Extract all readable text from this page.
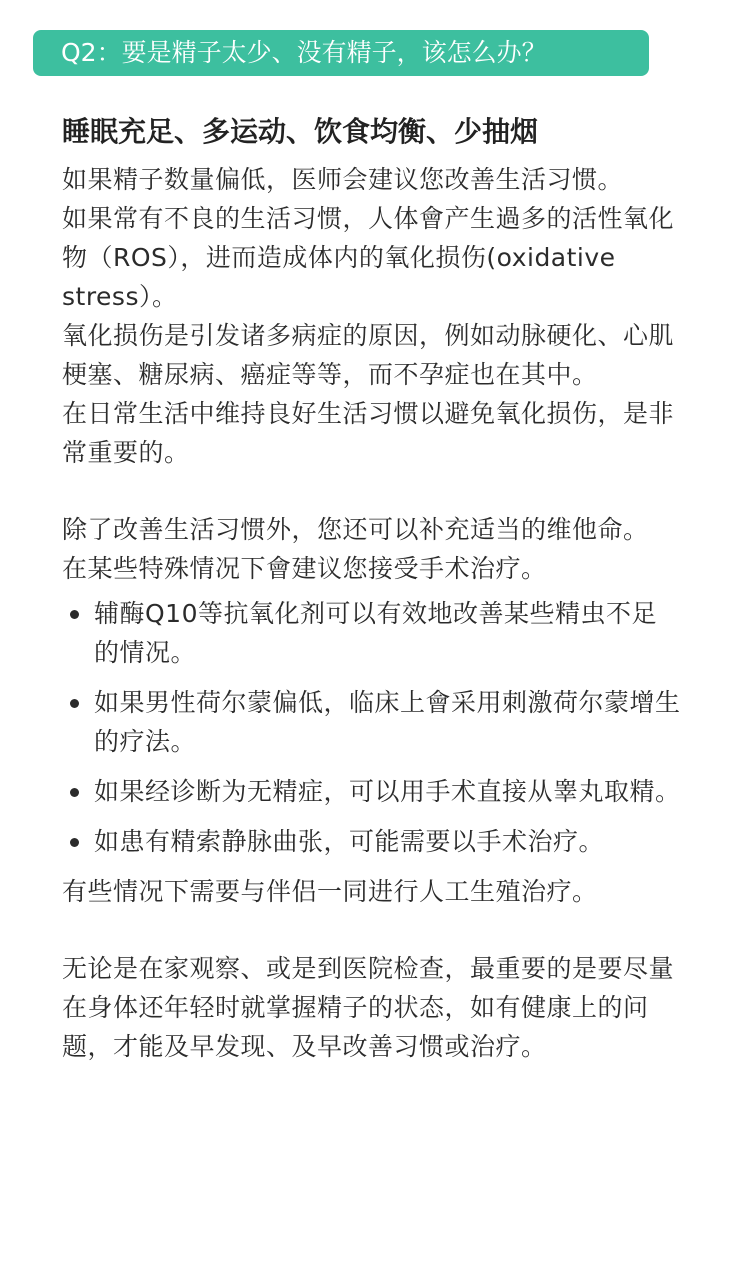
Q2：要是精子太少、没有精子，该怎么办？
睡眠充足、多运动、饮食均衡、少抽烟

如果精子数量偏低，医师会建议您改善生活习惯。

如果常有不良的生活习惯，人体會产生過多的活性氧化物（ROS），进而造成体内的氧化损伤(oxidative stress）。

氧化损伤是引发诸多病症的原因，例如动脉硬化、心肌梗塞、糖尿病、癌症等等，而不孕症也在其中。

在日常生活中维持良好生活习惯以避免氧化损伤，是非常重要的。

除了改善生活习惯外，您还可以补充适当的维他命。

在某些特殊情况下會建议您接受手术治疗。

辅酶Q10等抗氧化剂可以有效地改善某些精虫不足的情况。
如果男性荷尔蒙偏低，临床上會采用刺激荷尔蒙增生的疗法。
如果经诊断为无精症，可以用手术直接从睾丸取精。
如患有精索静脉曲张，可能需要以手术治疗。

有些情况下需要与伴侣一同进行人工生殖治疗。

无论是在家观察、或是到医院检查，最重要的是要尽量在身体还年轻时就掌握精子的状态，如有健康上的问题，才能及早发现、及早改善习惯或治疗。
